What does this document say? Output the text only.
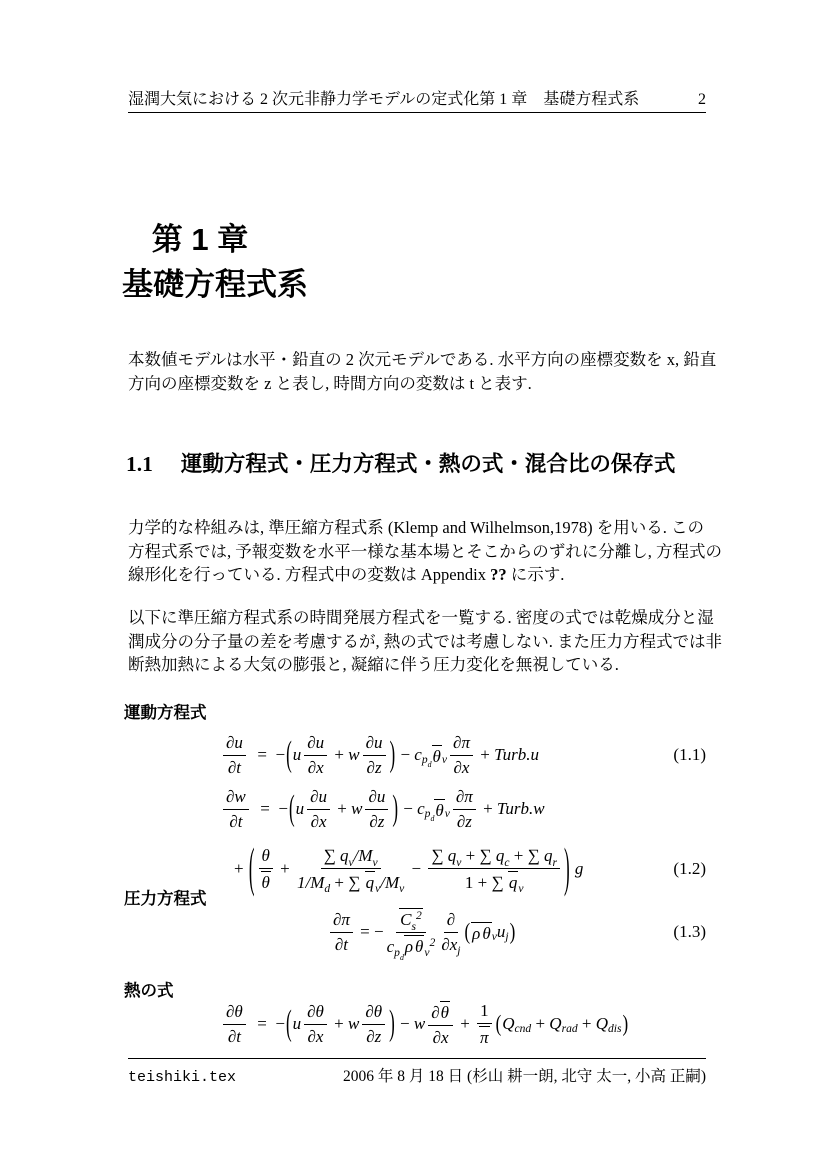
湿潤大気における 2 次元非静力学モデルの定式化 第 1 章　基礎方程式系	2
第 1 章
基礎方程式系
本数値モデルは水平・鉛直の 2 次元モデルである. 水平方向の座標変数を x, 鉛直
方向の座標変数を z と表し, 時間方向の変数は t と表す.
1.1 運動方程式・圧力方程式・熱の式・混合比の保存式
力学的な枠組みは, 準圧縮方程式系 (Klemp and Wilhelmson,1978) を用いる. この
方程式系では, 予報変数を水平一様な基本場とそこからのずれに分離し, 方程式の
線形化を行っている. 方程式中の変数は Appendix ?? に示す.
以下に準圧縮方程式系の時間発展方程式を一覧する. 密度の式では乾燥成分と湿
潤成分の分子量の差を考慮するが, 熱の式では考慮しない. また圧力方程式では非
断熱加熱による大気の膨張と, 凝縮に伴う圧力変化を無視している.
運動方程式
$\frac{\partial u}{\partial t}$ =  − ( u $\frac{\partial u}{\partial x} + w \frac{\partial u}{\partial z}$ ) − c $p_d$ θ v $\frac{\partial\pi}{\partial x}$ + Turb.u	(1.1)
$\frac{\partial w}{\partial t}$ =  − ( u $\frac{\partial u}{\partial x} + w \frac{\partial u}{\partial z}$ ) − c $p_d$ θ v $\frac{\partial\pi}{\partial z}$ + Turb.w
+ ( $\frac{\theta}{\theta} + \frac{\sum q_v/M_v}{1/M_d + \sum q_v/M_v} - \frac{\sum q_v + \sum q_c + \sum q_r}{1 + \sum q_v}$ ) g	(1.2)
圧力方程式
$\frac{\partial\pi}{\partial t}$ = − $\frac{C_s^2}{c_{p_d}\rho \theta_v^2} \frac{\partial}{\partial x_j}$ ( ρ θ v u j )	(1.3)
熱の式
$\frac{\partial\theta}{\partial t}$ =  − ( u $\frac{\partial\theta}{\partial x} + w \frac{\partial\theta}{\partial z}$ ) − w $\frac{\partial\theta}{\partial x} + \frac{1}{\pi}$ ( Q cnd + Q rad + Q dis )
teishiki.tex	2006 年 8 月 18 日 (杉山 耕一朗, 北守 太一, 小高 正嗣)
